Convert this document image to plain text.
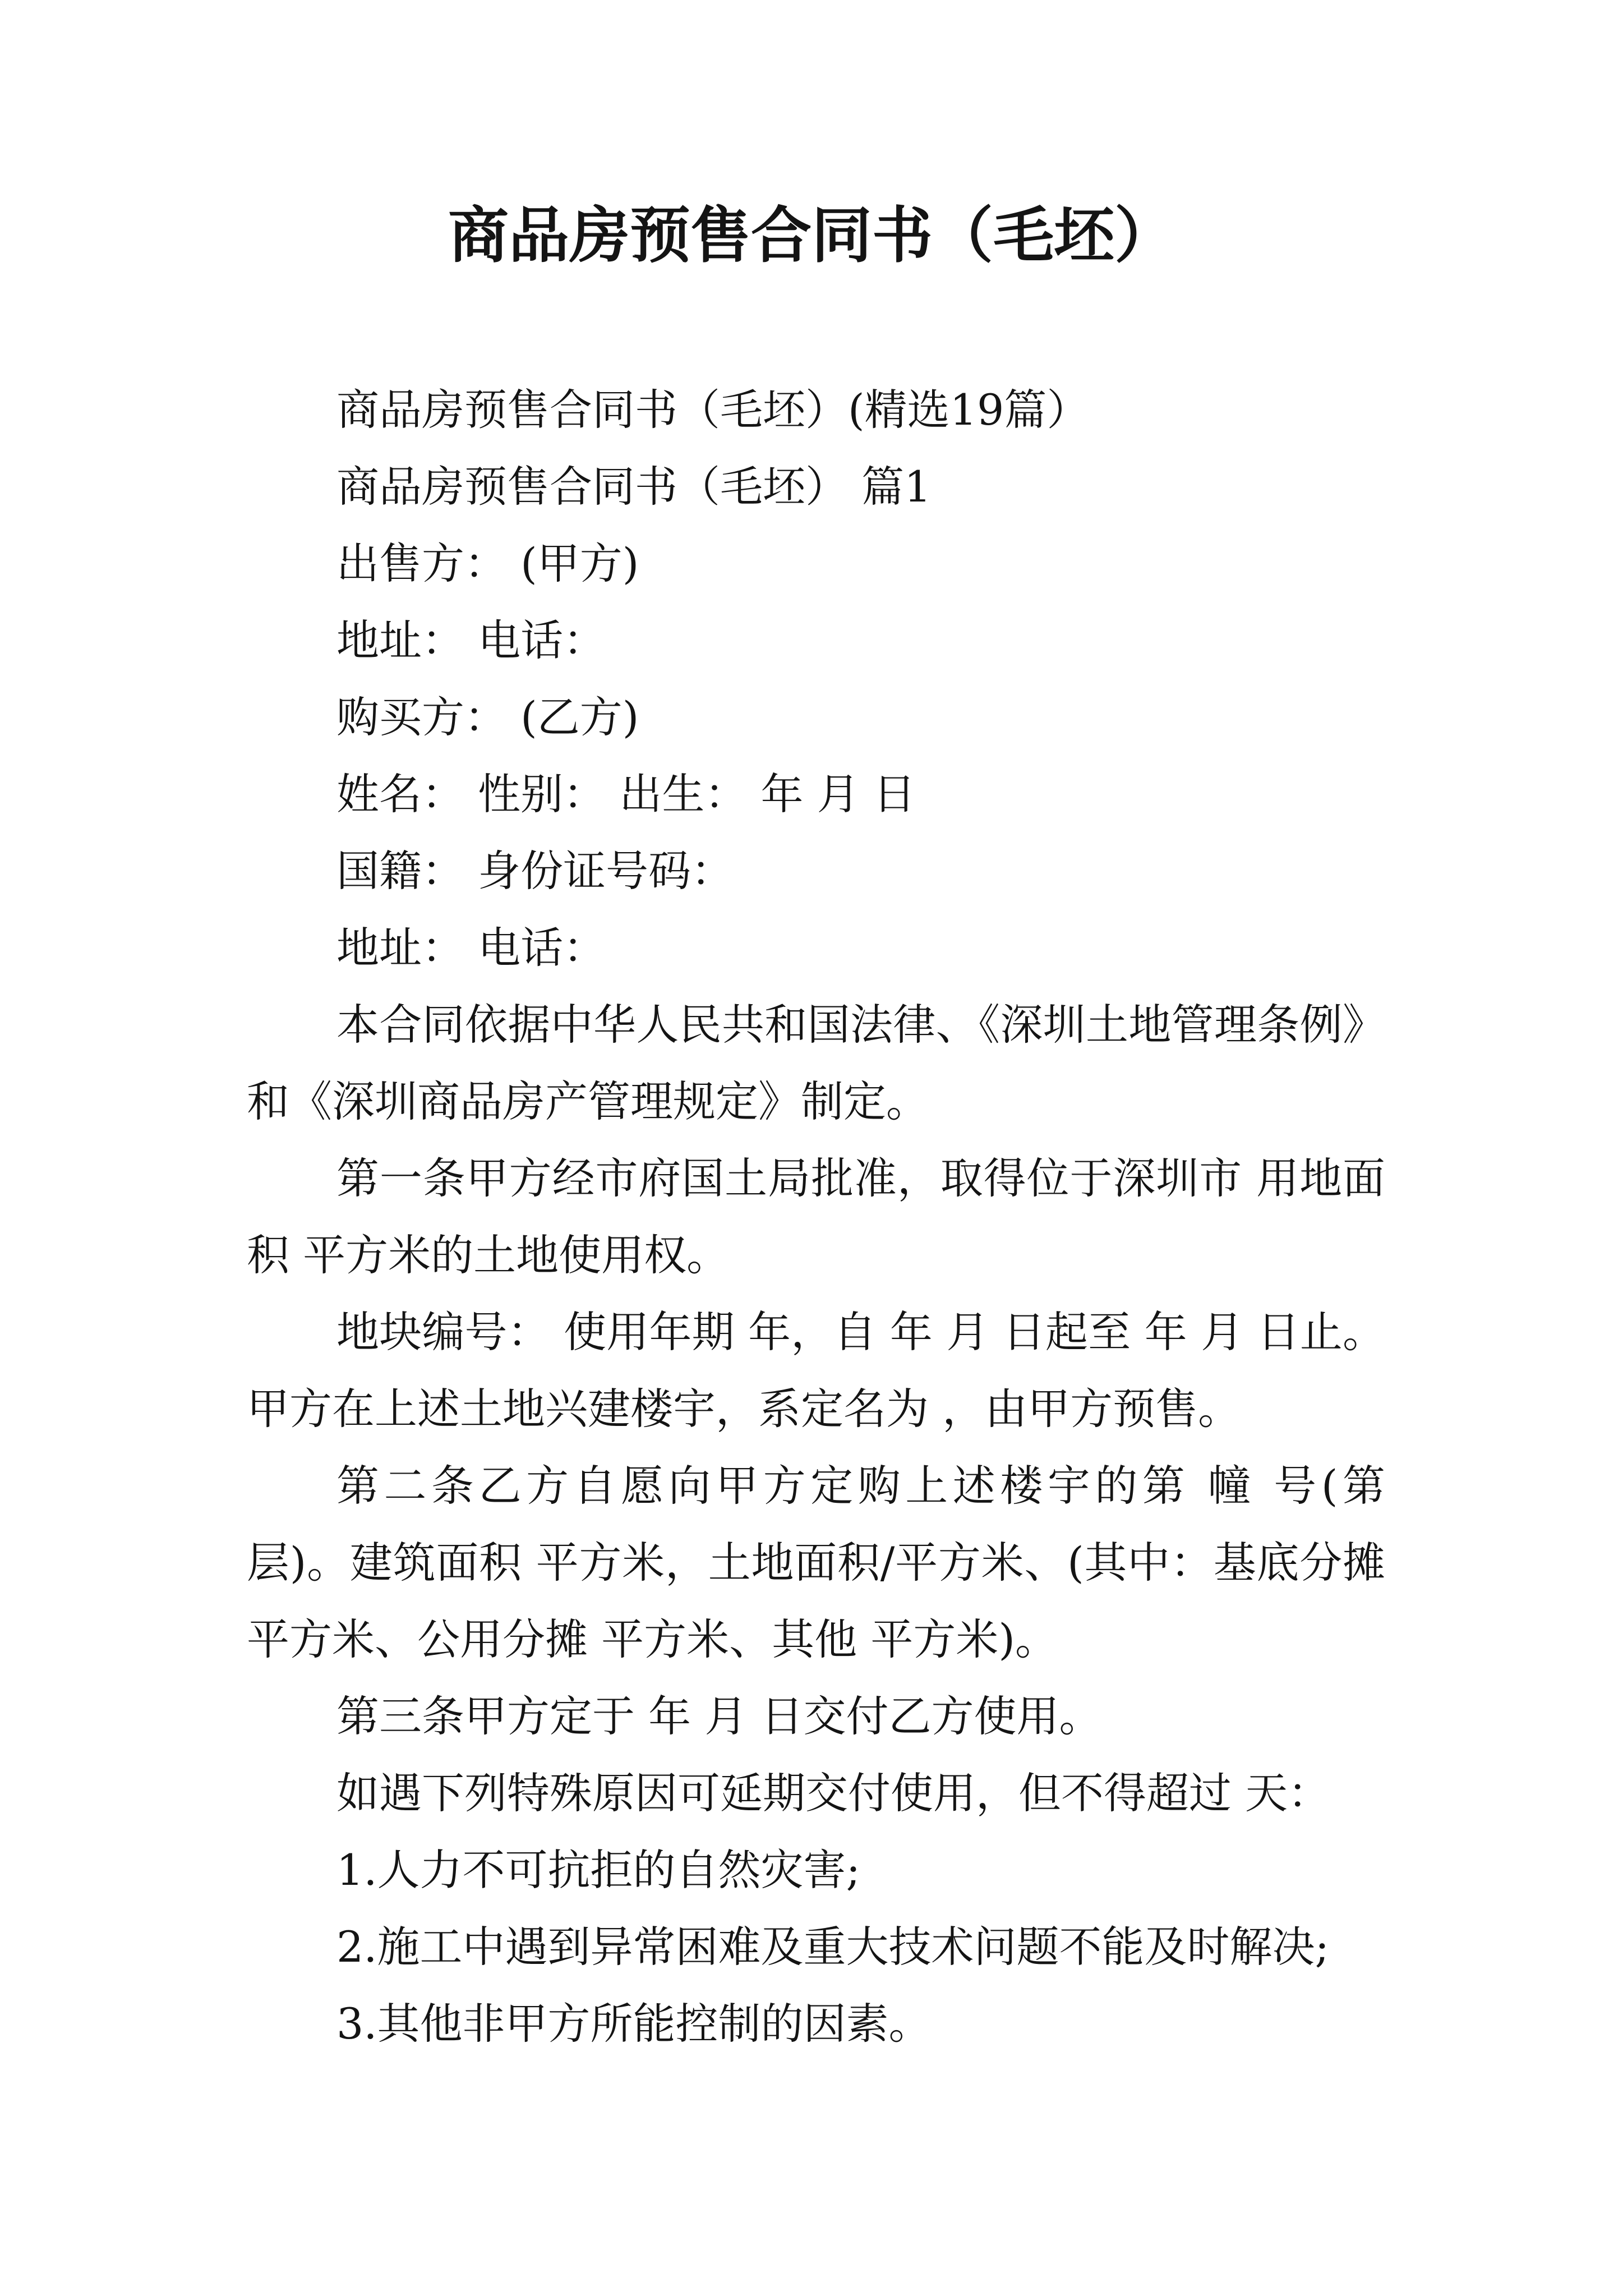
商品房预售合同书（毛坯）

商品房预售合同书（毛坯）(精选19篇）

商品房预售合同书（毛坯） 篇1

出售方： (甲方)

地址： 电话：

购买方： (乙方)

姓名： 性别： 出生： 年 月 日

国籍： 身份证号码：

地址： 电话：

本合同依据中华人民共和国法律、《深圳土地管理条例》和《深圳商品房产管理规定》制定。

第一条甲方经市府国土局批准，取得位于深圳市 用地面积 平方米的土地使用权。

地块编号： 使用年期 年，自 年 月 日起至 年 月 日止。甲方在上述土地兴建楼宇，系定名为 ，由甲方预售。

第二条乙方自愿向甲方定购上述楼宇的第 幢 号(第 层)。建筑面积 平方米，土地面积/平方米、(其中：基底分摊 平方米、公用分摊 平方米、其他 平方米)。

第三条甲方定于 年 月 日交付乙方使用。

如遇下列特殊原因可延期交付使用，但不得超过 天：

1.人力不可抗拒的自然灾害;

2.施工中遇到异常困难及重大技术问题不能及时解决;

3.其他非甲方所能控制的因素。
